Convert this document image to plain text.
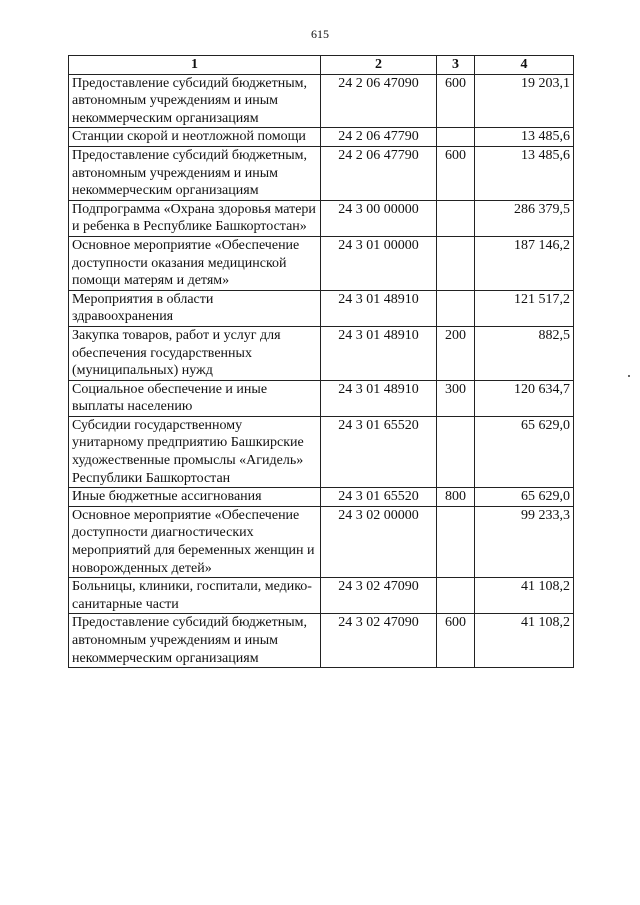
615
1	2	3	4
Предоставление субсидий бюджетным, автономным учреждениям и иным некоммерческим организациям	24 2 06 47090	600	19 203,1
Станции скорой и неотложной помощи	24 2 06 47790		13 485,6
Предоставление субсидий бюджетным, автономным учреждениям и иным некоммерческим организациям	24 2 06 47790	600	13 485,6
Подпрограмма «Охрана здоровья матери и ребенка в Республике Башкортостан»	24 3 00 00000		286 379,5
Основное мероприятие «Обеспечение доступности оказания медицинской помощи матерям и детям»	24 3 01 00000		187 146,2
Мероприятия в области здравоохранения	24 3 01 48910		121 517,2
Закупка товаров, работ и услуг для обеспечения государственных (муниципальных) нужд	24 3 01 48910	200	882,5
Социальное обеспечение и иные выплаты населению	24 3 01 48910	300	120 634,7
Субсидии государственному унитарному предприятию Башкирские художественные промыслы «Агидель» Республики Башкортостан	24 3 01 65520		65 629,0
Иные бюджетные ассигнования	24 3 01 65520	800	65 629,0
Основное мероприятие «Обеспечение доступности диагностических мероприятий для беременных женщин и новорожденных детей»	24 3 02 00000		99 233,3
Больницы, клиники, госпитали, медико-санитарные части	24 3 02 47090		41 108,2
Предоставление субсидий бюджетным, автономным учреждениям и иным некоммерческим организациям	24 3 02 47090	600	41 108,2
